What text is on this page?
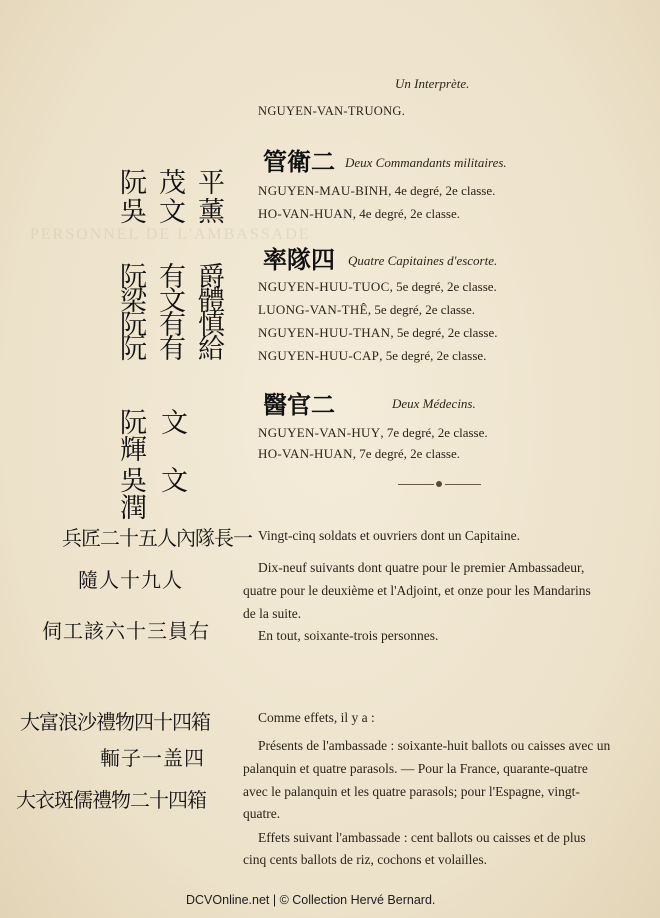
PERSONNEL DE L'AMBASSADE
Un Interprète.
NGUYEN-VAN-TRUONG.
管衛二 Deux Commandants militaires.
阮茂平
吳文薰
NGUYEN-MAU-BINH, 4e degré, 2e classe.
HO-VAN-HUAN, 4e degré, 2e classe.
率隊四 Quatre Capitaines d'escorte.
阮有爵
梁文體
阮有慎
阮有給
NGUYEN-HUU-TUOC, 5e degré, 2e classe.
LUONG-VAN-THÊ, 5e degré, 2e classe.
NGUYEN-HUU-THAN, 5e degré, 2e classe.
NGUYEN-HUU-CAP, 5e degré, 2e classe.
醫官二	Deux Médecins.
阮文輝
吳文潤
NGUYEN-VAN-HUY, 7e degré, 2e classe.
HO-VAN-HUAN, 7e degré, 2e classe.
兵匠二十五人內隊長一
隨人十九人
伺工該六十三員右
Vingt-cinq soldats et ouvriers dont un Capitaine.
Dix-neuf suivants dont quatre pour le premier Ambassadeur,
quatre pour le deuxième et l'Adjoint, et onze pour les Mandarins
de la suite.
En tout, soixante-trois personnes.
大富浪沙禮物四十四箱
輀子一盖四
大衣斑儒禮物二十四箱
Comme effets, il y a :
Présents de l'ambassade : soixante-huit ballots ou caisses avec un
palanquin et quatre parasols. — Pour la France, quarante-quatre
avec le palanquin et les quatre parasols; pour l'Espagne, vingt-
quatre.
Effets suivant l'ambassade : cent ballots ou caisses et de plus
cinq cents ballots de riz, cochons et volailles.
DCVOnline.net | © Collection Hervé Bernard.
